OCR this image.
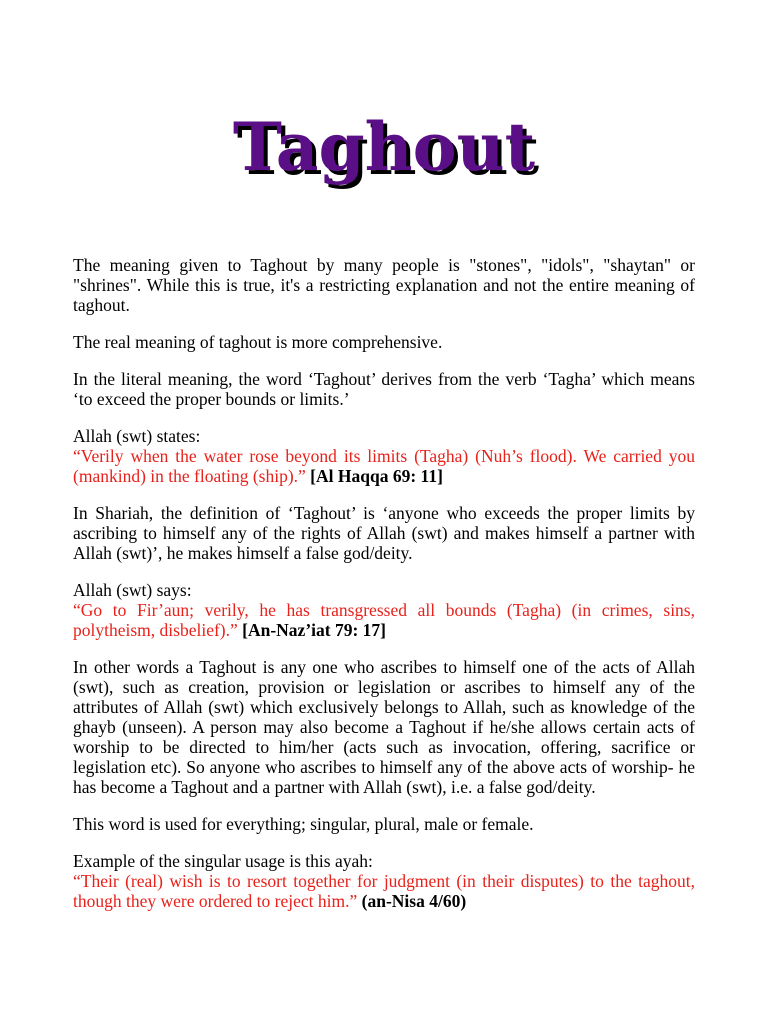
Taghout

The meaning given to Taghout by many people is "stones", "idols", "shaytan" or "shrines". While this is true, it's a restricting explanation and not the entire meaning of taghout.

The real meaning of taghout is more comprehensive.

In the literal meaning, the word ‘Taghout’ derives from the verb ‘Tagha’ which means ‘to exceed the proper bounds or limits.’

Allah (swt) states:
“Verily when the water rose beyond its limits (Tagha) (Nuh’s flood). We carried you (mankind) in the floating (ship).” [Al Haqqa 69: 11]

In Shariah, the definition of ‘Taghout’ is ‘anyone who exceeds the proper limits by ascribing to himself any of the rights of Allah (swt) and makes himself a partner with Allah (swt)’, he makes himself a false god/deity.

Allah (swt) says:
“Go to Fir’aun; verily, he has transgressed all bounds (Tagha) (in crimes, sins, polytheism, disbelief).” [An-Naz’iat 79: 17]

In other words a Taghout is any one who ascribes to himself one of the acts of Allah (swt), such as creation, provision or legislation or ascribes to himself any of the attributes of Allah (swt) which exclusively belongs to Allah, such as knowledge of the ghayb (unseen). A person may also become a Taghout if he/she allows certain acts of worship to be directed to him/her (acts such as invocation, offering, sacrifice or legislation etc). So anyone who ascribes to himself any of the above acts of worship- he has become a Taghout and a partner with Allah (swt), i.e. a false god/deity.

This word is used for everything; singular, plural, male or female.

Example of the singular usage is this ayah:
“Their (real) wish is to resort together for judgment (in their disputes) to the taghout, though they were ordered to reject him.” (an-Nisa 4/60)
